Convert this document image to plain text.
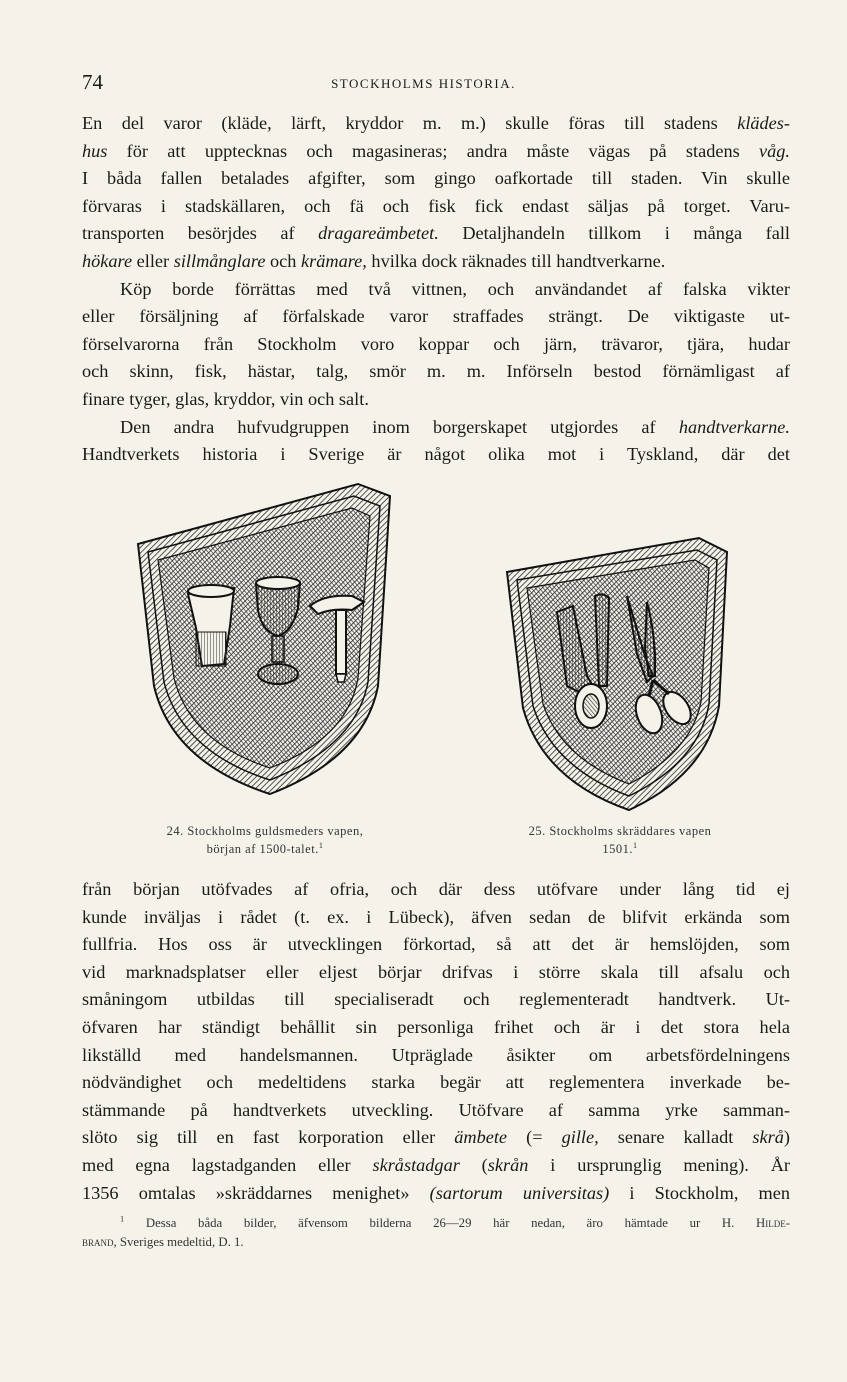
74	STOCKHOLMS HISTORIA.
En del varor (kläde, lärft, kryddor m. m.) skulle föras till stadens klädes-
hus för att upptecknas och magasineras; andra måste vägas på stadens våg.
I båda fallen betalades afgifter, som gingo oafkortade till staden. Vin skulle
förvaras i stadskällaren, och fä och fisk fick endast säljas på torget. Varu-
transporten besörjdes af dragareämbetet. Detaljhandeln tillkom i många fall
hökare eller sillmånglare och krämare, hvilka dock räknades till handtverkarne.
Köp borde förrättas med två vittnen, och användandet af falska vikter
eller försäljning af förfalskade varor straffades strängt. De viktigaste ut-
förselvarorna från Stockholm voro koppar och järn, trävaror, tjära, hudar
och skinn, fisk, hästar, talg, smör m. m. Införseln bestod förnämligast af
finare tyger, glas, kryddor, vin och salt.
Den andra hufvudgruppen inom borgerskapet utgjordes af handtverkarne.
Handtverkets historia i Sverige är något olika mot i Tyskland, där det
24. Stockholms guldsmeders vapen,
början af 1500-talet.$^1$
25. Stockholms skräddares vapen
1501.$^1$
från början utöfvades af ofria, och där dess utöfvare under lång tid ej
kunde inväljas i rådet (t. ex. i Lübeck), äfven sedan de blifvit erkända som
fullfria. Hos oss är utvecklingen förkortad, så att det är hemslöjden, som
vid marknadsplatser eller eljest börjar drifvas i större skala till afsalu och
småningom utbildas till specialiseradt och reglementeradt handtverk. Ut-
öfvaren har ständigt behållit sin personliga frihet och är i det stora hela
likställd med handelsmannen. Utpräglade åsikter om arbetsfördelningens
nödvändighet och medeltidens starka begär att reglementera inverkade be-
stämmande på handtverkets utveckling. Utöfvare af samma yrke samman-
slöto sig till en fast korporation eller ämbete (= gille, senare kalladt skrå)
med egna lagstadganden eller skråstadgar (skrån i ursprunglig mening). År
1356 omtalas »skräddarnes menighet» (sartorum universitas) i Stockholm, men
$^1$ Dessa båda bilder, äfvensom bilderna 26—29 här nedan, äro hämtade ur H. Hilde-
brand, Sveriges medeltid, D. 1.
